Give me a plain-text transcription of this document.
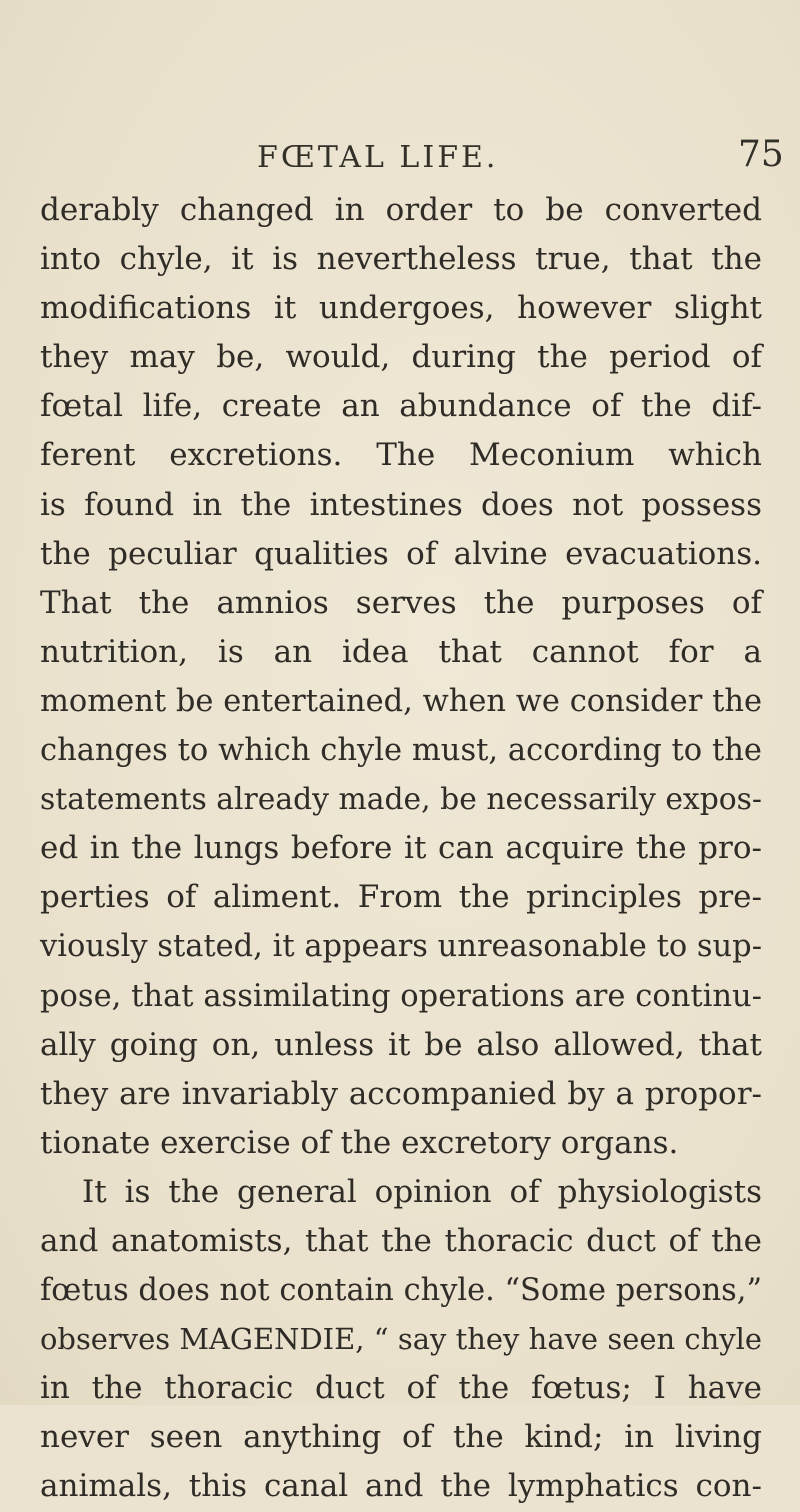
FŒTAL LIFE.	75
derably changed in order to be converted
into chyle, it is nevertheless true, that the
modifications it undergoes, however slight
they may be, would, during the period of
fœtal life, create an abundance of the dif-
ferent excretions. The Meconium which
is found in the intestines does not possess
the peculiar qualities of alvine evacuations.
That the amnios serves the purposes of
nutrition, is an idea that cannot for a
moment be entertained, when we consider the
changes to which chyle must, according to the
statements already made, be necessarily expos-
ed in the lungs before it can acquire the pro-
perties of aliment. From the principles pre-
viously stated, it appears unreasonable to sup-
pose, that assimilating operations are continu-
ally going on, unless it be also allowed, that
they are invariably accompanied by a propor-
tionate exercise of the excretory organs.
It is the general opinion of physiologists
and anatomists, that the thoracic duct of the
fœtus does not contain chyle. “Some persons,”
observes MAGENDIE, “ say they have seen chyle
in the thoracic duct of the fœtus; I have
never seen anything of the kind; in living
animals, this canal and the lymphatics con-
